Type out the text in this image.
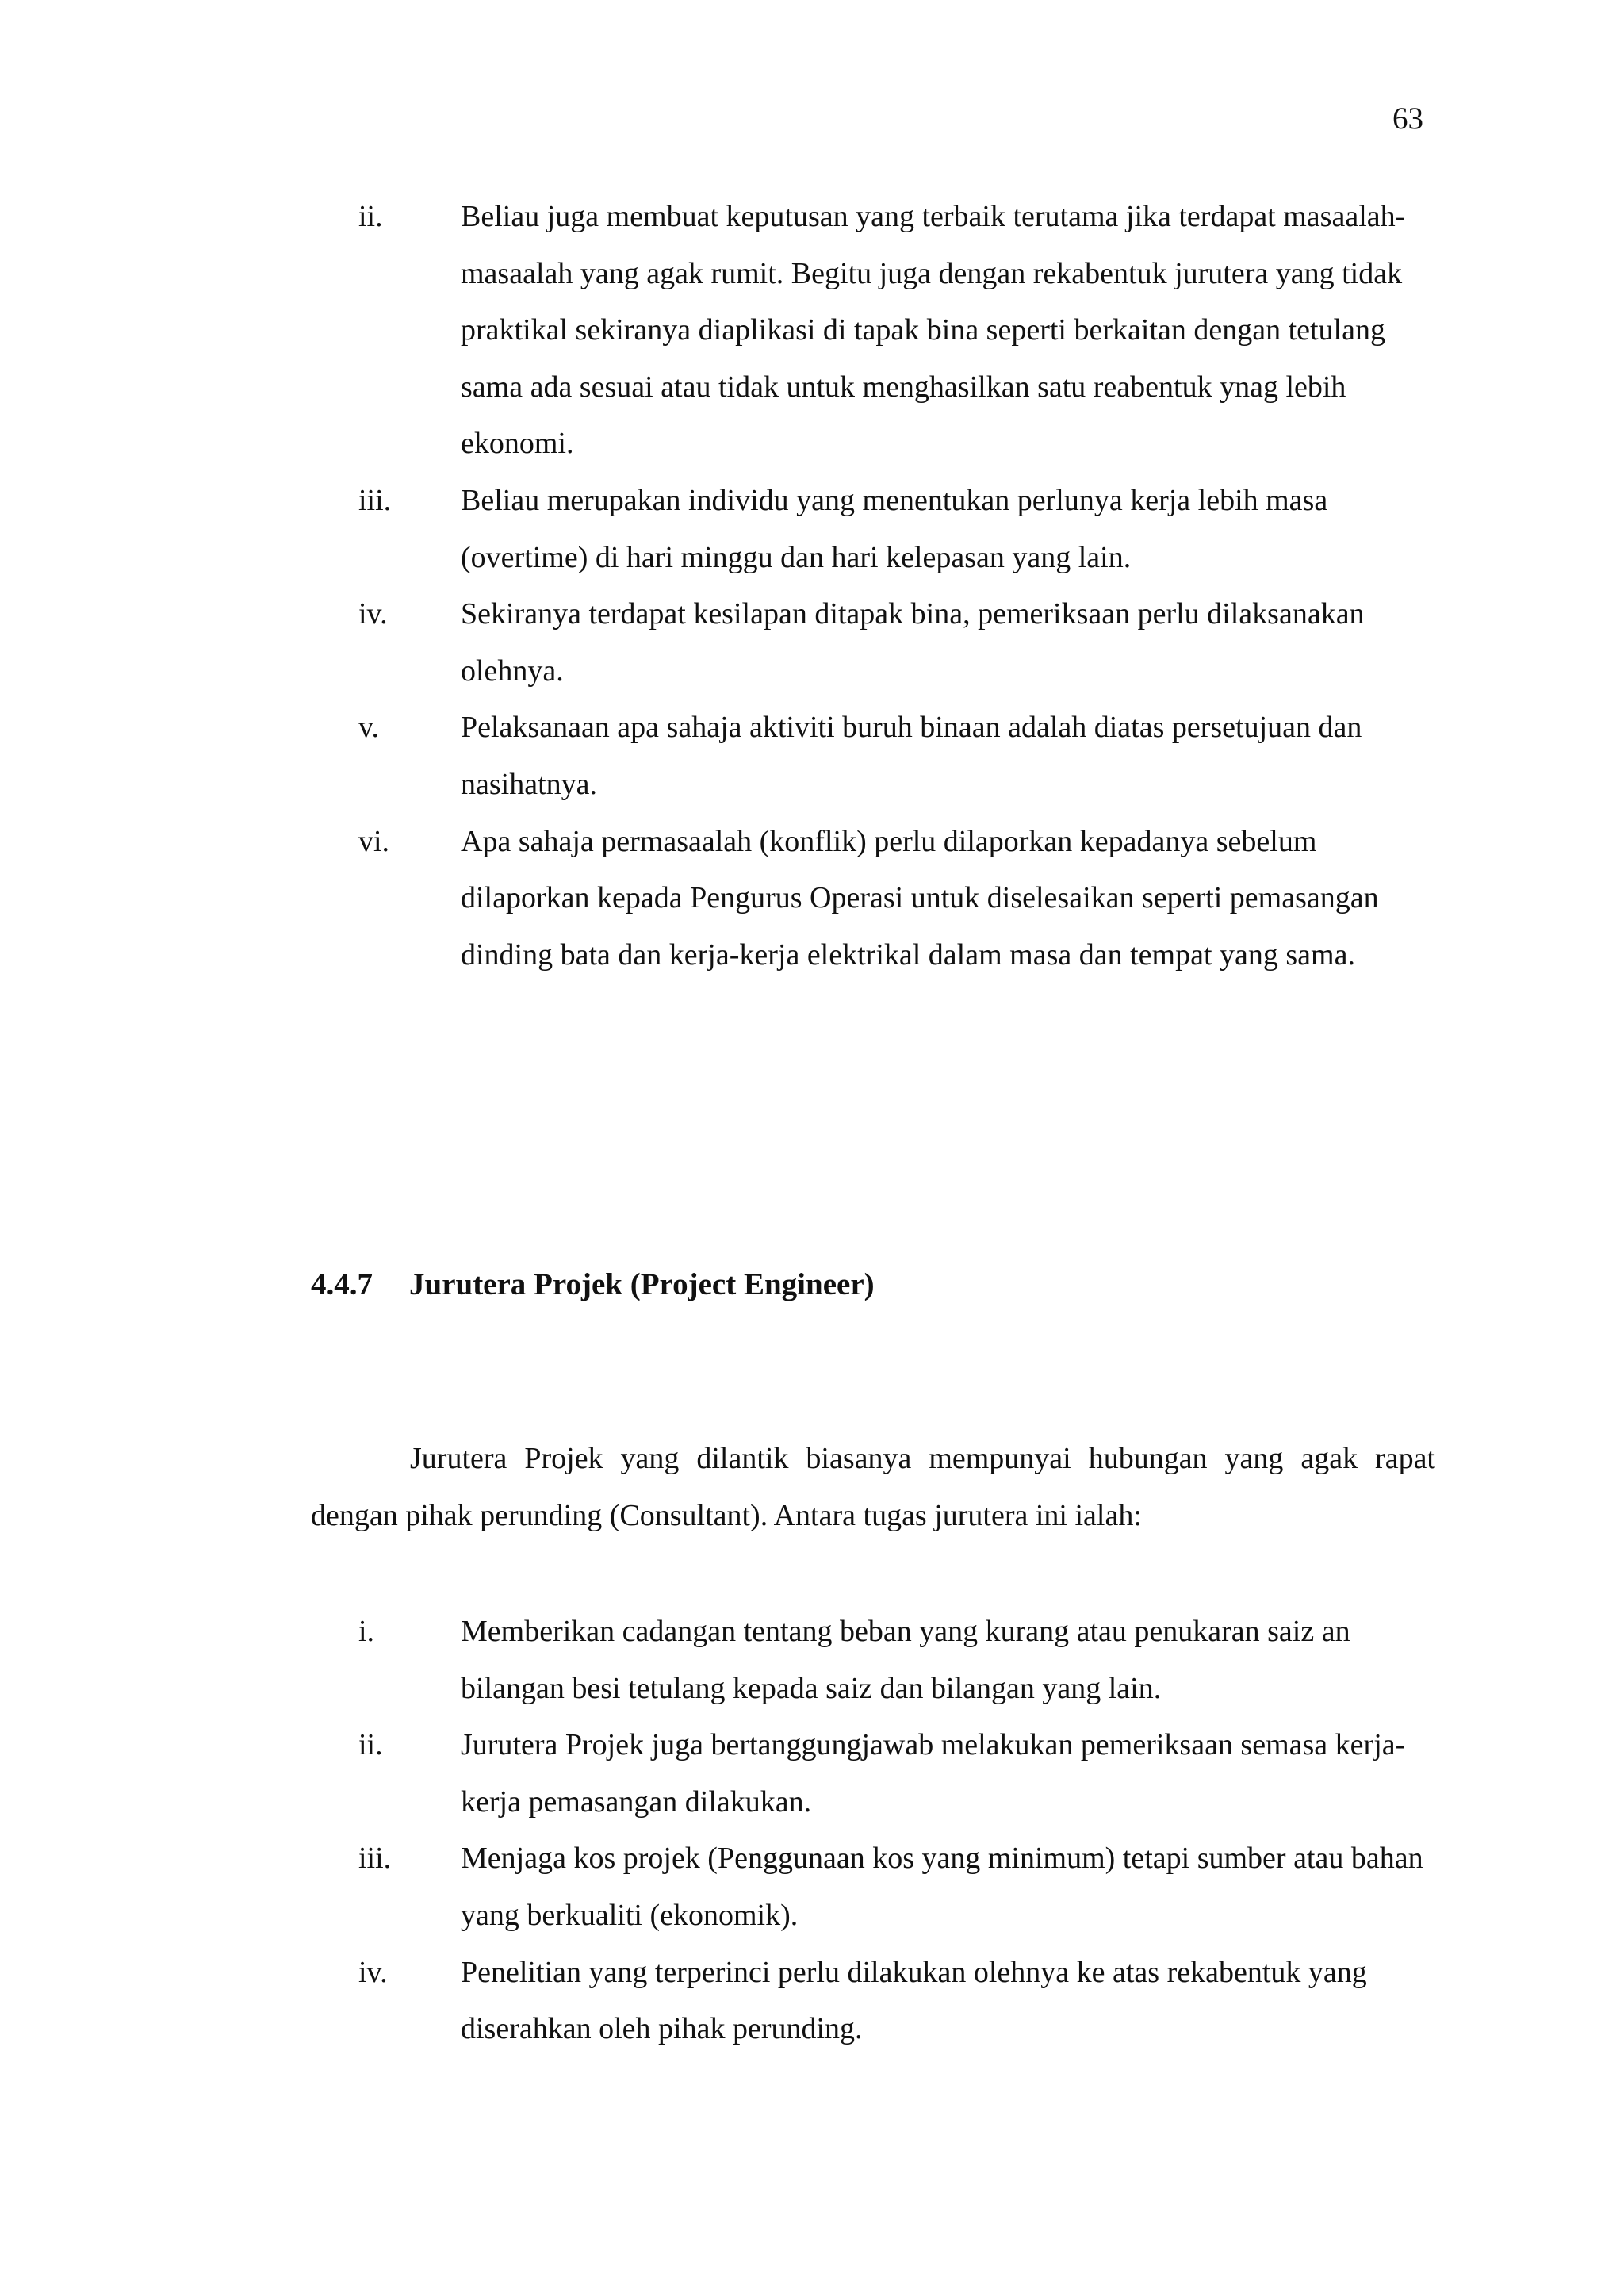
63
ii.	Beliau juga membuat keputusan yang terbaik terutama jika terdapat masaalah-masaalah yang agak rumit. Begitu juga dengan rekabentuk jurutera yang tidak praktikal sekiranya diaplikasi di tapak bina seperti berkaitan dengan tetulang sama ada sesuai atau tidak untuk menghasilkan satu reabentuk ynag lebih ekonomi.
iii. Beliau merupakan individu yang menentukan perlunya kerja lebih masa (overtime) di hari minggu dan hari kelepasan yang lain.
iv. Sekiranya terdapat kesilapan ditapak bina, pemeriksaan perlu dilaksanakan olehnya.
v.	Pelaksanaan apa sahaja aktiviti buruh binaan adalah diatas persetujuan dan nasihatnya.
vi. Apa sahaja permasaalah (konflik) perlu dilaporkan kepadanya sebelum dilaporkan kepada Pengurus Operasi untuk diselesaikan seperti pemasangan dinding bata dan kerja-kerja elektrikal dalam masa dan tempat yang sama.
4.4.7 Jurutera Projek (Project Engineer)

Jurutera Projek yang dilantik biasanya mempunyai hubungan yang agak rapat dengan pihak perunding (Consultant). Antara tugas jurutera ini ialah:

i.	Memberikan cadangan tentang beban yang kurang atau penukaran saiz an bilangan besi tetulang kepada saiz dan bilangan yang lain.
ii.	Jurutera Projek juga bertanggungjawab melakukan pemeriksaan semasa kerja-kerja pemasangan dilakukan.
iii. Menjaga kos projek (Penggunaan kos yang minimum) tetapi sumber atau bahan yang berkualiti (ekonomik).
iv. Penelitian yang terperinci perlu dilakukan olehnya ke atas rekabentuk yang diserahkan oleh pihak perunding.
